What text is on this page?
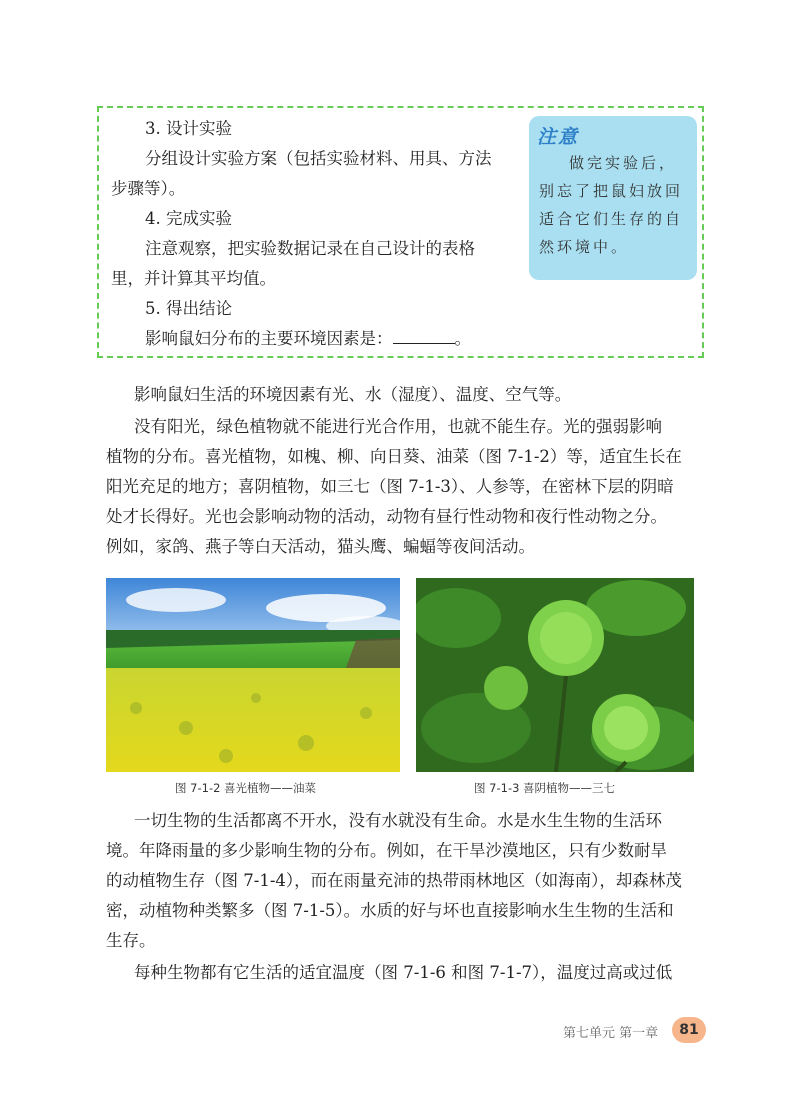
3. 设计实验
分组设计实验方案（包括实验材料、用具、方法
步骤等）。
4. 完成实验
注意观察，把实验数据记录在自己设计的表格
里，并计算其平均值。
5. 得出结论
影响鼠妇分布的主要环境因素是：	。
注意
做完实验后，
别忘了把鼠妇放回
适合它们生存的自
然环境中。
影响鼠妇生活的环境因素有光、水（湿度）、温度、空气等。
没有阳光，绿色植物就不能进行光合作用，也就不能生存。光的强弱影响
植物的分布。喜光植物，如槐、柳、向日葵、油菜（图 7-1-2）等，适宜生长在
阳光充足的地方；喜阴植物，如三七（图 7-1-3）、人参等，在密林下层的阴暗
处才长得好。光也会影响动物的活动，动物有昼行性动物和夜行性动物之分。
例如，家鸽、燕子等白天活动，猫头鹰、蝙蝠等夜间活动。
图 7-1-2 喜光植物——油菜	图 7-1-3 喜阴植物——三七
一切生物的生活都离不开水，没有水就没有生命。水是水生生物的生活环
境。年降雨量的多少影响生物的分布。例如，在干旱沙漠地区，只有少数耐旱
的动植物生存（图 7-1-4），而在雨量充沛的热带雨林地区（如海南），却森林茂
密，动植物种类繁多（图 7-1-5）。水质的好与坏也直接影响水生生物的生活和
生存。
每种生物都有它生活的适宜温度（图 7-1-6 和图 7-1-7），温度过高或过低
第七单元 第一章	81
